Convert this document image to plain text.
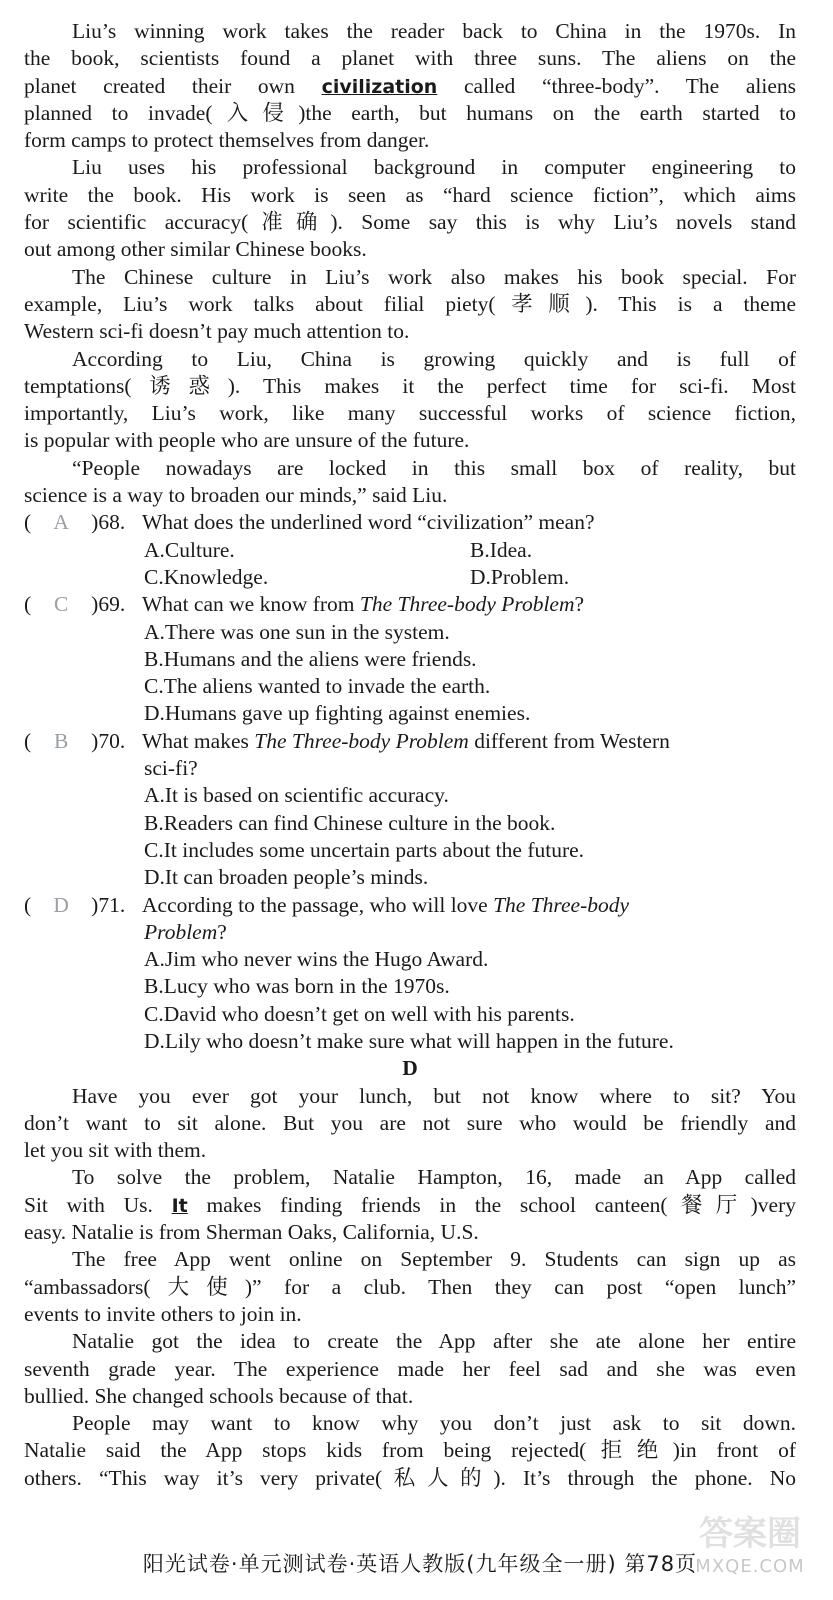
Liu’s winning work takes the reader back to China in the 1970s. In
the book, scientists found a planet with three suns. The aliens on the
planet created their own civilization called “three-body”. The aliens
planned to invade(入侵)the earth, but humans on the earth started to
form camps to protect themselves from danger.
Liu uses his professional background in computer engineering to
write the book. His work is seen as “hard science fiction”, which aims
for scientific accuracy(准确). Some say this is why Liu’s novels stand
out among other similar Chinese books.
The Chinese culture in Liu’s work also makes his book special. For
example, Liu’s work talks about filial piety(孝顺). This is a theme
Western sci-fi doesn’t pay much attention to.
According to Liu, China is growing quickly and is full of
temptations(诱惑). This makes it the perfect time for sci-fi. Most
importantly, Liu’s work, like many successful works of science fiction,
is popular with people who are unsure of the future.
“People nowadays are locked in this small box of reality, but
science is a way to broaden our minds,” said Liu.
(	A	)68. What does the underlined word “civilization” mean?
A.Culture.	B.Idea.
C.Knowledge.	D.Problem.
(	C	)69. What can we know from The Three-body Problem?
A.There was one sun in the system.
B.Humans and the aliens were friends.
C.The aliens wanted to invade the earth.
D.Humans gave up fighting against enemies.
(	B	)70. What makes The Three-body Problem different from Western
sci-fi?
A.It is based on scientific accuracy.
B.Readers can find Chinese culture in the book.
C.It includes some uncertain parts about the future.
D.It can broaden people’s minds.
(	D	)71. According to the passage, who will love The Three-body
Problem?
A.Jim who never wins the Hugo Award.
B.Lucy who was born in the 1970s.
C.David who doesn’t get on well with his parents.
D.Lily who doesn’t make sure what will happen in the future.
D
Have you ever got your lunch, but not know where to sit? You
don’t want to sit alone. But you are not sure who would be friendly and
let you sit with them.
To solve the problem, Natalie Hampton, 16, made an App called
Sit with Us. It makes finding friends in the school canteen(餐厅)very
easy. Natalie is from Sherman Oaks, California, U.S.
The free App went online on September 9. Students can sign up as
“ambassadors(大使)” for a club. Then they can post “open lunch”
events to invite others to join in.
Natalie got the idea to create the App after she ate alone her entire
seventh grade year. The experience made her feel sad and she was even
bullied. She changed schools because of that.
People may want to know why you don’t just ask to sit down.
Natalie said the App stops kids from being rejected(拒绝)in front of
others. “This way it’s very private(私人的). It’s through the phone. No
阳光试卷·单元测试卷·英语人教版(九年级全一册) 第78页
答案圈
MXQE.COM
